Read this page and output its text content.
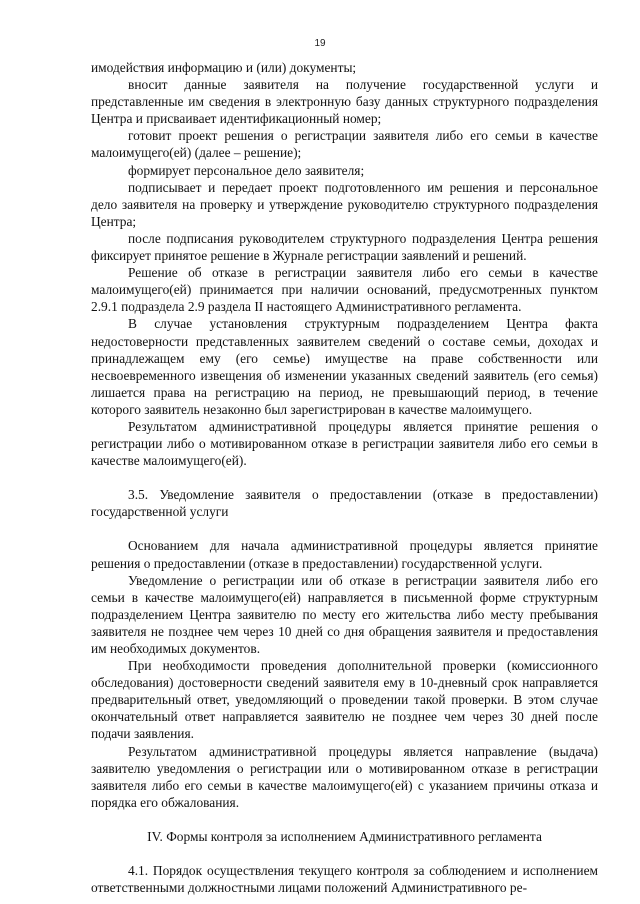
19

имодействия информацию и (или) документы;

вносит данные заявителя на получение государственной услуги и представленные им сведения в электронную базу данных структурного подразделения Центра и присваивает идентификационный номер;

готовит проект решения о регистрации заявителя либо его семьи в качестве малоимущего(ей) (далее – решение);

формирует персональное дело заявителя;

подписывает и передает проект подготовленного им решения и персональное дело заявителя на проверку и утверждение руководителю структурного подразделения Центра;

после подписания руководителем структурного подразделения Центра решения фиксирует принятое решение в Журнале регистрации заявлений и решений.

Решение об отказе в регистрации заявителя либо его семьи в качестве малоимущего(ей) принимается при наличии оснований, предусмотренных пунктом 2.9.1 подраздела 2.9 раздела II настоящего Административного регламента.

В случае установления структурным подразделением Центра факта недостоверности представленных заявителем сведений о составе семьи, доходах и принадлежащем ему (его семье) имуществе на праве собственности или несвоевременного извещения об изменении указанных сведений заявитель (его семья) лишается права на регистрацию на период, не превышающий период, в течение которого заявитель незаконно был зарегистрирован в качестве малоимущего.

Результатом административной процедуры является принятие решения о регистрации либо о мотивированном отказе в регистрации заявителя либо его семьи в качестве малоимущего(ей).

3.5. Уведомление заявителя о предоставлении (отказе в предоставлении) государственной услуги

Основанием для начала административной процедуры является принятие решения о предоставлении (отказе в предоставлении) государственной услуги.

Уведомление о регистрации или об отказе в регистрации заявителя либо его семьи в качестве малоимущего(ей) направляется в письменной форме структурным подразделением Центра заявителю по месту его жительства либо месту пребывания заявителя не позднее чем через 10 дней со дня обращения заявителя и предоставления им необходимых документов.

При необходимости проведения дополнительной проверки (комиссионного обследования) достоверности сведений заявителя ему в 10-дневный срок направляется предварительный ответ, уведомляющий о проведении такой проверки. В этом случае окончательный ответ направляется заявителю не позднее чем через 30 дней после подачи заявления.

Результатом административной процедуры является направление (выдача) заявителю уведомления о регистрации или о мотивированном отказе в регистрации заявителя либо его семьи в качестве малоимущего(ей) с указанием причины отказа и порядка его обжалования.

IV. Формы контроля за исполнением Административного регламента

4.1. Порядок осуществления текущего контроля за соблюдением и исполнением ответственными должностными лицами положений Административного ре-
